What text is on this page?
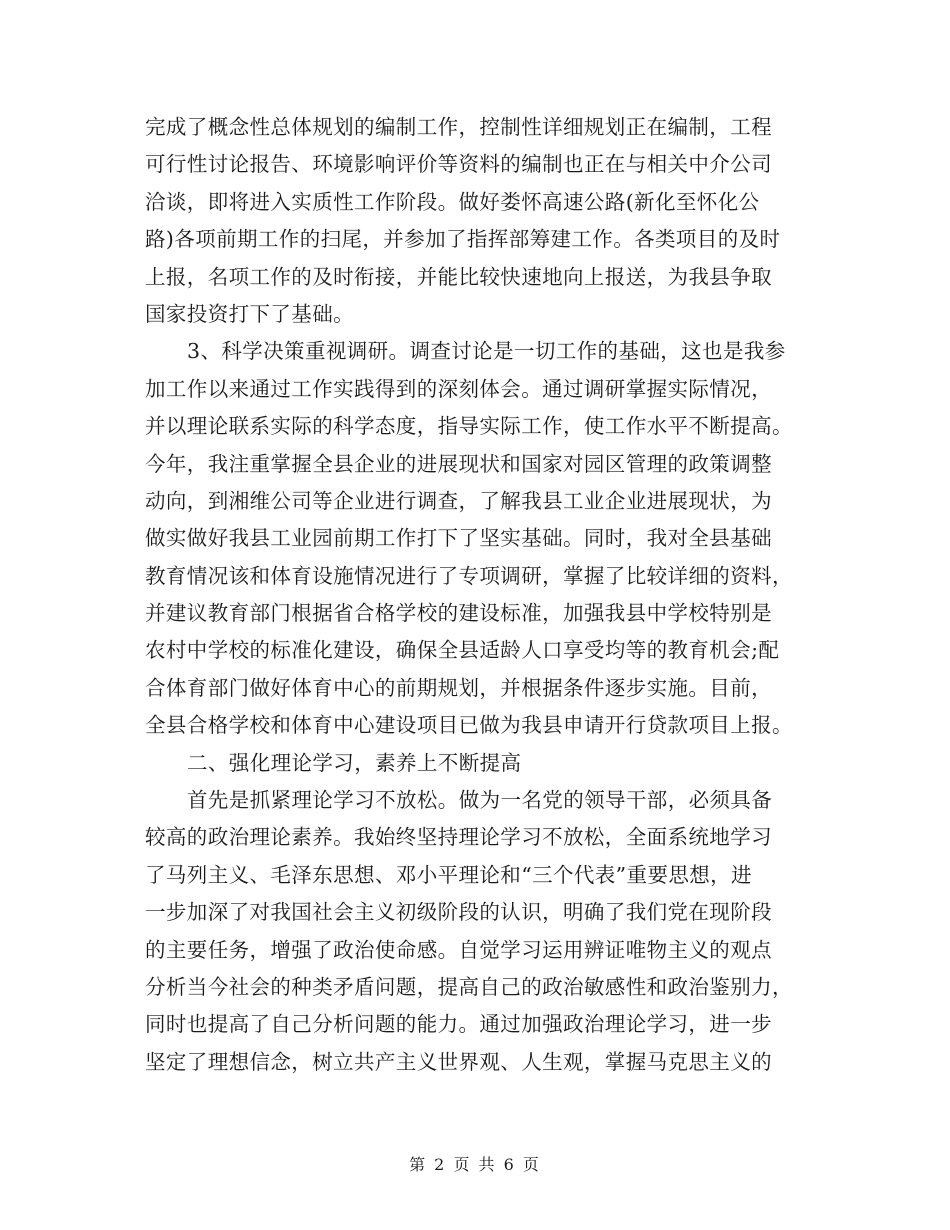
完成了概念性总体规划的编制工作，控制性详细规划正在编制，工程
可行性讨论报告、环境影响评价等资料的编制也正在与相关中介公司
洽谈，即将进入实质性工作阶段。做好娄怀高速公路(新化至怀化公
路)各项前期工作的扫尾，并参加了指挥部筹建工作。各类项目的及时
上报，名项工作的及时衔接，并能比较快速地向上报送，为我县争取
国家投资打下了基础。
3、科学决策重视调研。调查讨论是一切工作的基础，这也是我参
加工作以来通过工作实践得到的深刻体会。通过调研掌握实际情况，
并以理论联系实际的科学态度，指导实际工作，使工作水平不断提高。
今年，我注重掌握全县企业的进展现状和国家对园区管理的政策调整
动向，到湘维公司等企业进行调查，了解我县工业企业进展现状，为
做实做好我县工业园前期工作打下了坚实基础。同时，我对全县基础
教育情况该和体育设施情况进行了专项调研，掌握了比较详细的资料，
并建议教育部门根据省合格学校的建设标准，加强我县中学校特别是
农村中学校的标准化建设，确保全县适龄人口享受均等的教育机会;配
合体育部门做好体育中心的前期规划，并根据条件逐步实施。目前，
全县合格学校和体育中心建设项目已做为我县申请开行贷款项目上报。
二、强化理论学习，素养上不断提高
首先是抓紧理论学习不放松。做为一名党的领导干部，必须具备
较高的政治理论素养。我始终坚持理论学习不放松，全面系统地学习
了马列主义、毛泽东思想、邓小平理论和“三个代表”重要思想，进
一步加深了对我国社会主义初级阶段的认识，明确了我们党在现阶段
的主要任务，增强了政治使命感。自觉学习运用辨证唯物主义的观点
分析当今社会的种类矛盾问题，提高自己的政治敏感性和政治鉴别力，
同时也提高了自己分析问题的能力。通过加强政治理论学习，进一步
坚定了理想信念，树立共产主义世界观、人生观，掌握马克思主义的
第 2 页 共 6 页
